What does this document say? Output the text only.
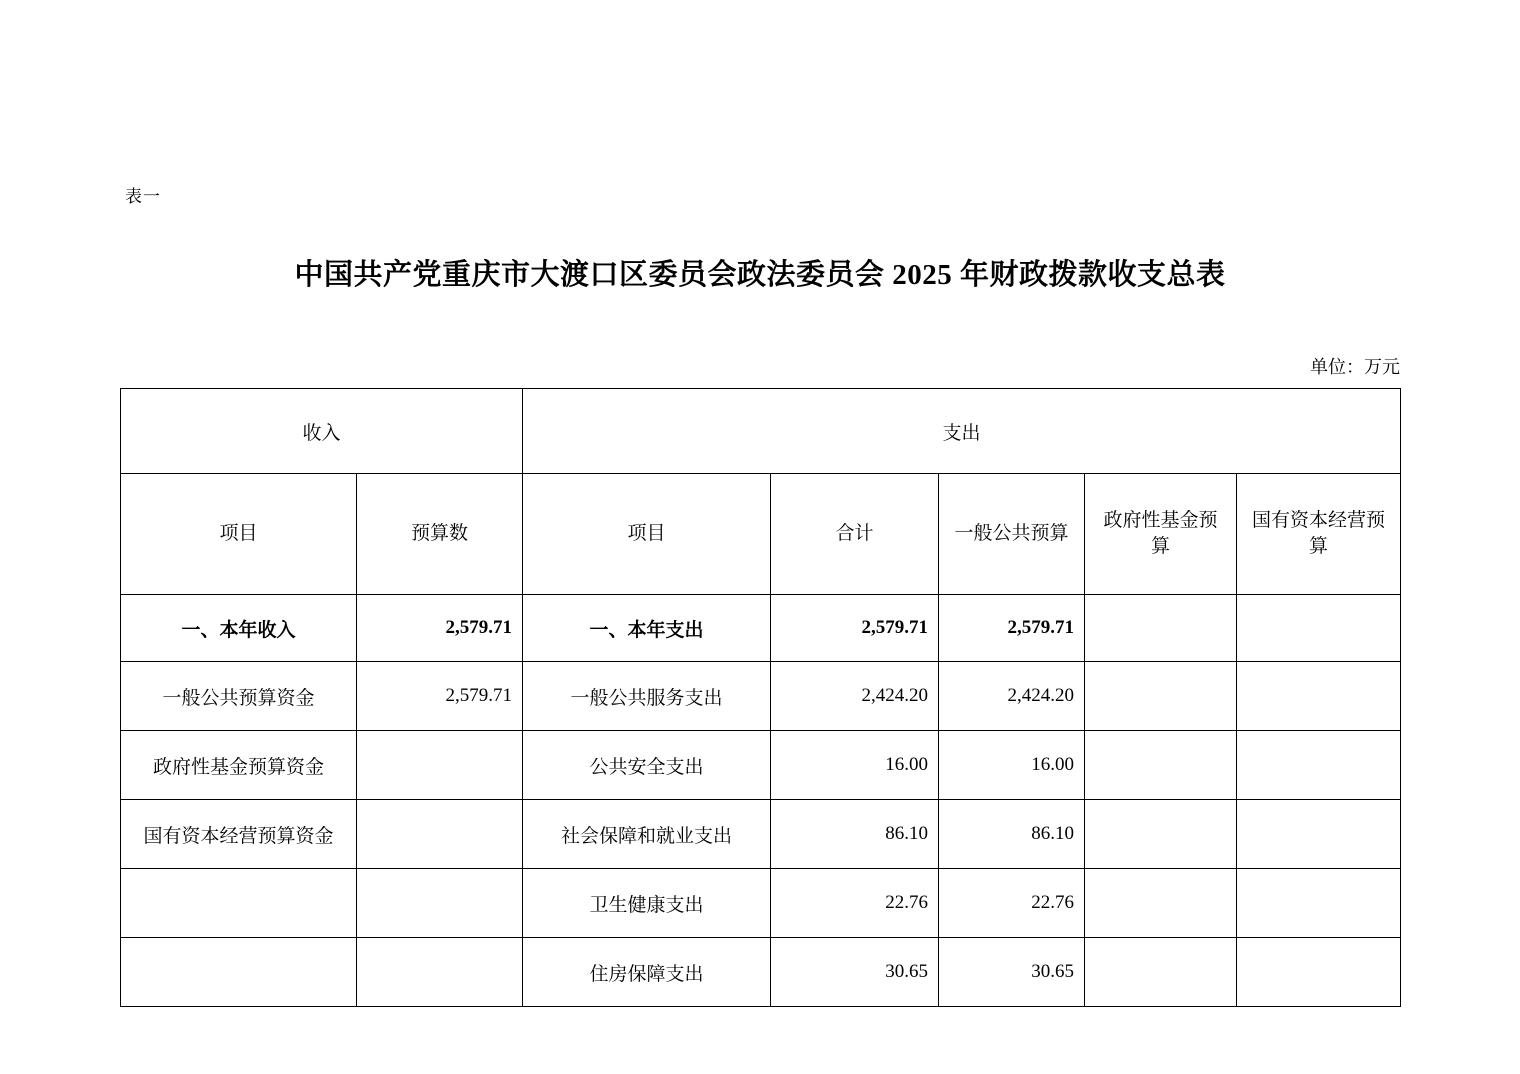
表一
中国共产党重庆市大渡口区委员会政法委员会 2025 年财政拨款收支总表
单位：万元
收入		支出				
项目	预算数	项目	合计	一般公共预算	政府性基金预算	国有资本经营预算
一、本年收入	2,579.71	一、本年支出	2,579.71	2,579.71		
一般公共预算资金	2,579.71	一般公共服务支出	2,424.20	2,424.20		
政府性基金预算资金		公共安全支出	16.00	16.00		
国有资本经营预算资金		社会保障和就业支出	86.10	86.10		
		卫生健康支出	22.76	22.76		
		住房保障支出	30.65	30.65		
